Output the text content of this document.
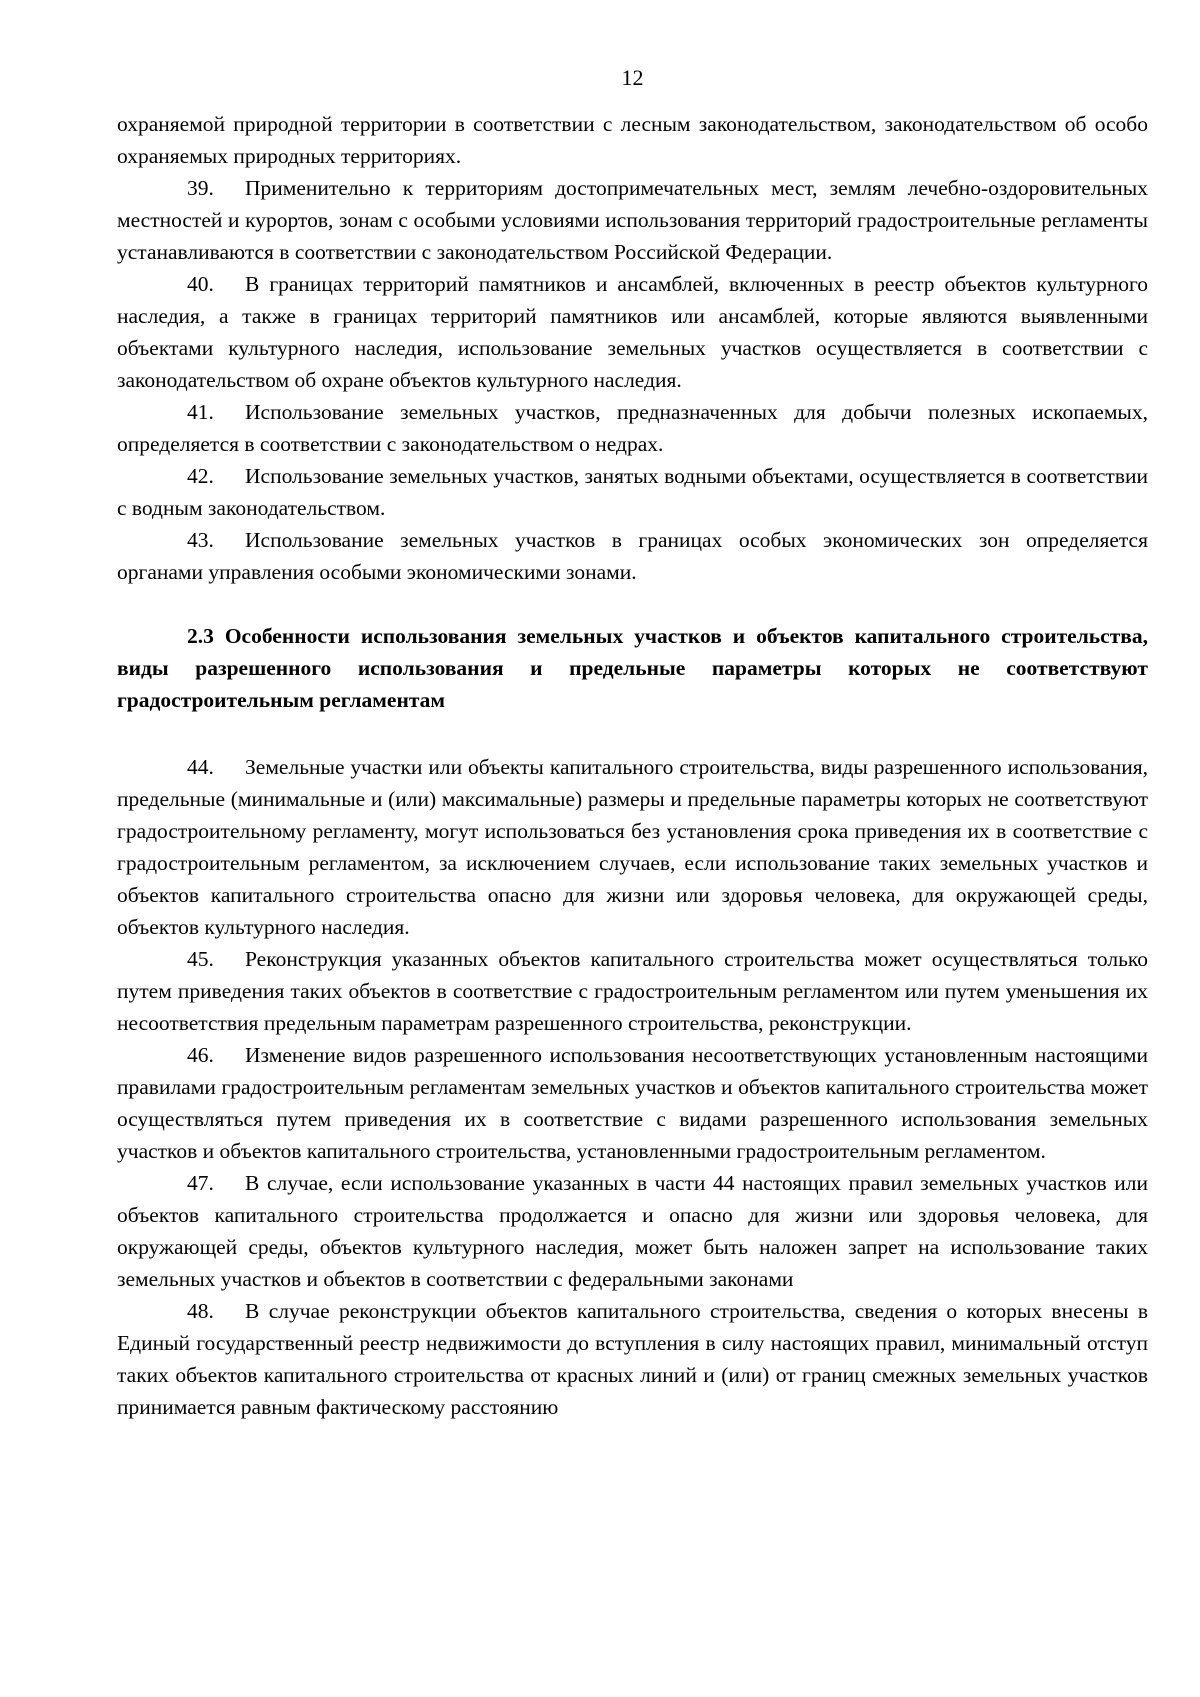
12

охраняемой природной территории в соответствии с лесным законодательством, законодательством об особо охраняемых природных территориях.

39. Применительно к территориям достопримечательных мест, землям лечебно-оздоровительных местностей и курортов, зонам с особыми условиями использования территорий градостроительные регламенты устанавливаются в соответствии с законодательством Российской Федерации.

40. В границах территорий памятников и ансамблей, включенных в реестр объектов культурного наследия, а также в границах территорий памятников или ансамблей, которые являются выявленными объектами культурного наследия, использование земельных участков осуществляется в соответствии с законодательством об охране объектов культурного наследия.

41. Использование земельных участков, предназначенных для добычи полезных ископаемых, определяется в соответствии с законодательством о недрах.

42. Использование земельных участков, занятых водными объектами, осуществляется в соответствии с водным законодательством.

43. Использование земельных участков в границах особых экономических зон определяется органами управления особыми экономическими зонами.

2.3 Особенности использования земельных участков и объектов капитального строительства, виды разрешенного использования и предельные параметры которых не соответствуют градостроительным регламентам

44. Земельные участки или объекты капитального строительства, виды разрешенного использования, предельные (минимальные и (или) максимальные) размеры и предельные параметры которых не соответствуют градостроительному регламенту, могут использоваться без установления срока приведения их в соответствие с градостроительным регламентом, за исключением случаев, если использование таких земельных участков и объектов капитального строительства опасно для жизни или здоровья человека, для окружающей среды, объектов культурного наследия.

45. Реконструкция указанных объектов капитального строительства может осуществляться только путем приведения таких объектов в соответствие с градостроительным регламентом или путем уменьшения их несоответствия предельным параметрам разрешенного строительства, реконструкции.

46. Изменение видов разрешенного использования несоответствующих установленным настоящими правилами градостроительным регламентам земельных участков и объектов капитального строительства может осуществляться путем приведения их в соответствие с видами разрешенного использования земельных участков и объектов капитального строительства, установленными градостроительным регламентом.

47. В случае, если использование указанных в части 44 настоящих правил земельных участков или объектов капитального строительства продолжается и опасно для жизни или здоровья человека, для окружающей среды, объектов культурного наследия, может быть наложен запрет на использование таких земельных участков и объектов в соответствии с федеральными законами

48. В случае реконструкции объектов капитального строительства, сведения о которых внесены в Единый государственный реестр недвижимости до вступления в силу настоящих правил, минимальный отступ таких объектов капитального строительства от красных линий и (или) от границ смежных земельных участков принимается равным фактическому расстоянию
